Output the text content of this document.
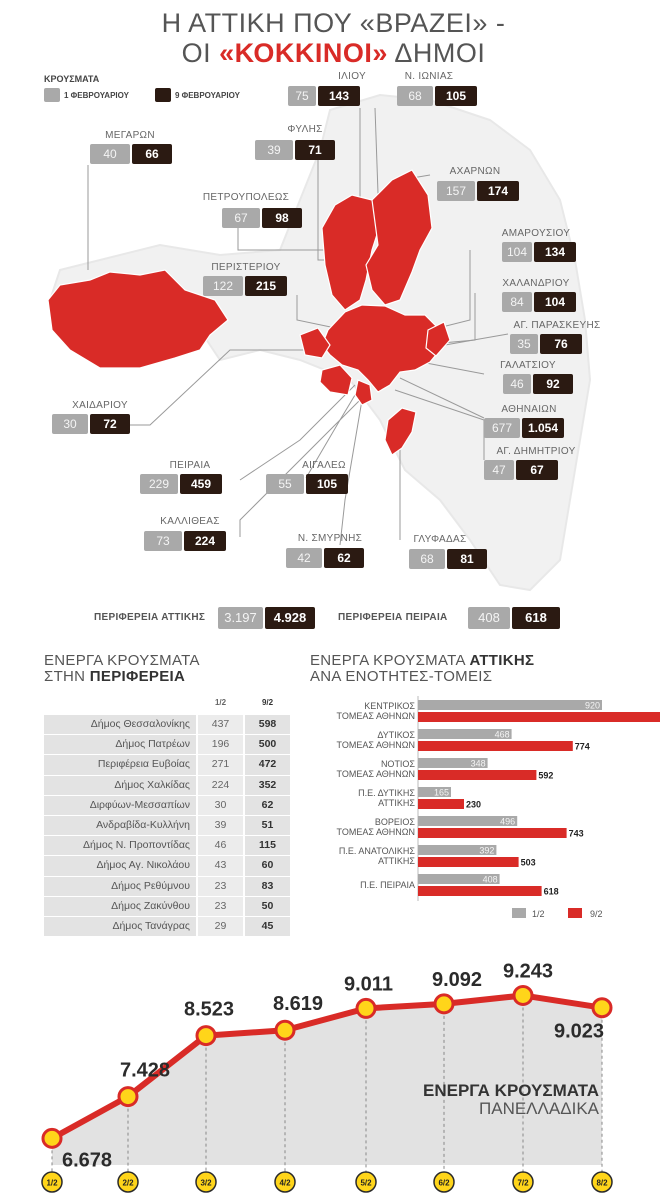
Η ΑΤΤΙΚΗ ΠΟΥ «ΒΡΑΖΕΙ» -
ΟΙ «ΚΟΚΚΙΝΟΙ» ΔΗΜΟΙ
ΚΡΟΥΣΜΑΤΑ
1 ΦΕΒΡΟΥΑΡΙΟΥ	9 ΦΕΒΡΟΥΑΡΙΟΥ
ΙΛΙΟΥ
75	143
Ν. ΙΩΝΙΑΣ
68	105
ΜΕΓΑΡΩΝ
40	66
ΦΥΛΗΣ
39	71
ΑΧΑΡΝΩΝ
157	174
ΠΕΤΡΟΥΠΟΛΕΩΣ
67	98
ΑΜΑΡΟΥΣΙΟΥ
104	134
ΠΕΡΙΣΤΕΡΙΟΥ
122	215	ΧΑΛΑΝΔΡΙΟΥ
84	104
ΑΓ. ΠΑΡΑΣΚΕΥΗΣ
35	76
ΓΑΛΑΤΣΙΟΥ
46	92
ΧΑΙΔΑΡΙΟΥ
30	72
ΑΘΗΝΑΙΩΝ
677	1.054
ΑΓ. ΔΗΜΗΤΡΙΟΥ
47	67
ΠΕΙΡΑΙΑ
229	459
ΑΙΓΑΛΕΩ
55	105
ΚΑΛΛΙΘΕΑΣ
73	224	Ν. ΣΜΥΡΝΗΣ
42	62
ΓΛΥΦΑΔΑΣ
68	81
ΠΕΡΙΦΕΡΕΙΑ ΑΤΤΙΚΗΣ	3.197	4.928	ΠΕΡΙΦΕΡΕΙΑ ΠΕΙΡΑΙΑ	408	618
ΕΝΕΡΓΑ ΚΡΟΥΣΜΑΤΑ
ΣΤΗΝ ΠΕΡΙΦΕΡΕΙΑ
1/2	9/2
Δήμος Θεσσαλονίκης	437	598
Δήμος Πατρέων	196	500
Περιφέρεια Ευβοίας	271	472
Δήμος Χαλκίδας	224	352
Διρφύων-Μεσσαπίων	30	62
Ανδραβίδα-Κυλλήνη	39	51
Δήμος Ν. Προποντίδας	46	115
Δήμος Αγ. Νικολάου	43	60
Δήμος Ρεθύμνου	23	83
Δήμος Ζακύνθου	23	50
Δήμος Τανάγρας	29	45
ΕΝΕΡΓΑ ΚΡΟΥΣΜΑΤΑ ΑΤΤΙΚΗΣ
ΑΝΑ ΕΝΟΤΗΤΕΣ-ΤΟΜΕΙΣ
ΚΕΝΤΡΙΚΟΣ
ΤΟΜΕΑΣ ΑΘΗΝΩΝ
920
ΔΥΤΙΚΟΣ
ΤΟΜΕΑΣ ΑΘΗΝΩΝ
468
774
ΝΟΤΙΟΣ
ΤΟΜΕΑΣ ΑΘΗΝΩΝ
348
592
Π.Ε. ΔΥΤΙΚΗΣ
ΑΤΤΙΚΗΣ
165
230
ΒΟΡΕΙΟΣ
ΤΟΜΕΑΣ ΑΘΗΝΩΝ
496
743
Π.Ε. ΑΝΑΤΟΛΙΚΗΣ
ΑΤΤΙΚΗΣ
392
503
Π.Ε. ΠΕΙΡΑΙΑ
408
618
1/2	9/2
6.678
7.428
8.523 8.619
9.011 9.092 9.243
9.023
1/2	2/2	3/2	4/2	5/2	6/2	7/2	8/2
ΕΝΕΡΓΑ ΚΡΟΥΣΜΑΤΑ
ΠΑΝΕΛΛΑΔΙΚΑ
